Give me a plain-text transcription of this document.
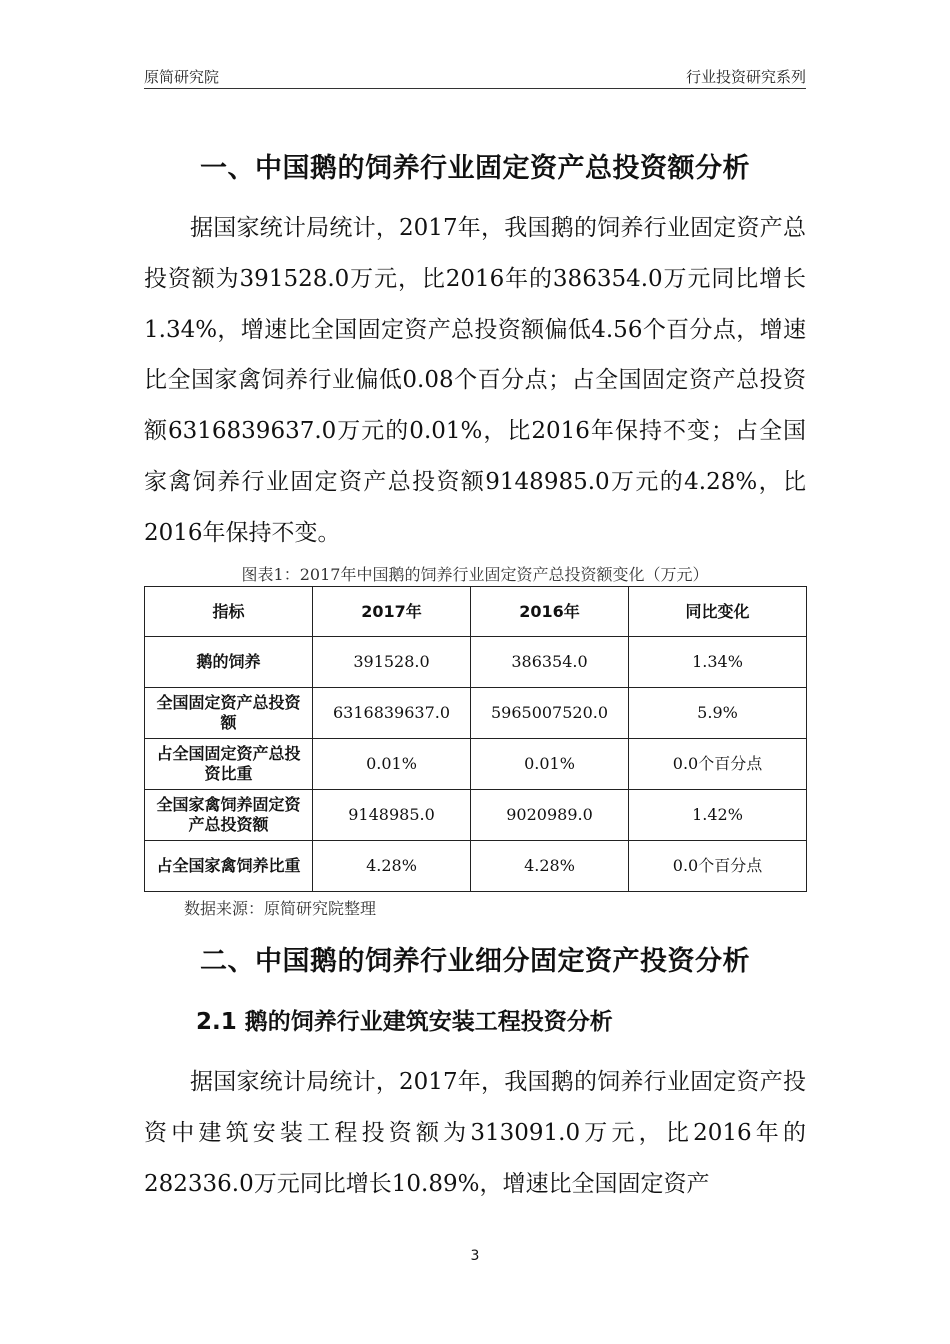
原简研究院	行业投资研究系列
一、中国鹅的饲养行业固定资产总投资额分析

据国家统计局统计，2017年，我国鹅的饲养行业固定资产总投资额为391528.0万元，比2016年的386354.0万元同比增长1.34%，增速比全国固定资产总投资额偏低4.56个百分点，增速比全国家禽饲养行业偏低0.08个百分点；占全国固定资产总投资额6316839637.0万元的0.01%，比2016年保持不变；占全国家禽饲养行业固定资产总投资额9148985.0万元的4.28%，比2016年保持不变。

图表1：2017年中国鹅的饲养行业固定资产总投资额变化（万元）
指标	2017年	2016年	同比变化
鹅的饲养	391528.0	386354.0	1.34%
全国固定资产总投资额	6316839637.0	5965007520.0	5.9%
占全国固定资产总投资比重	0.01%	0.01%	0.0个百分点
全国家禽饲养固定资产总投资额	9148985.0	9020989.0	1.42%
占全国家禽饲养比重	4.28%	4.28%	0.0个百分点
数据来源：原简研究院整理
二、中国鹅的饲养行业细分固定资产投资分析
2.1 鹅的饲养行业建筑安装工程投资分析

据国家统计局统计，2017年，我国鹅的饲养行业固定资产投资中建筑安装工程投资额为313091.0万元，比2016年的282336.0万元同比增长10.89%，增速比全国固定资产

3
